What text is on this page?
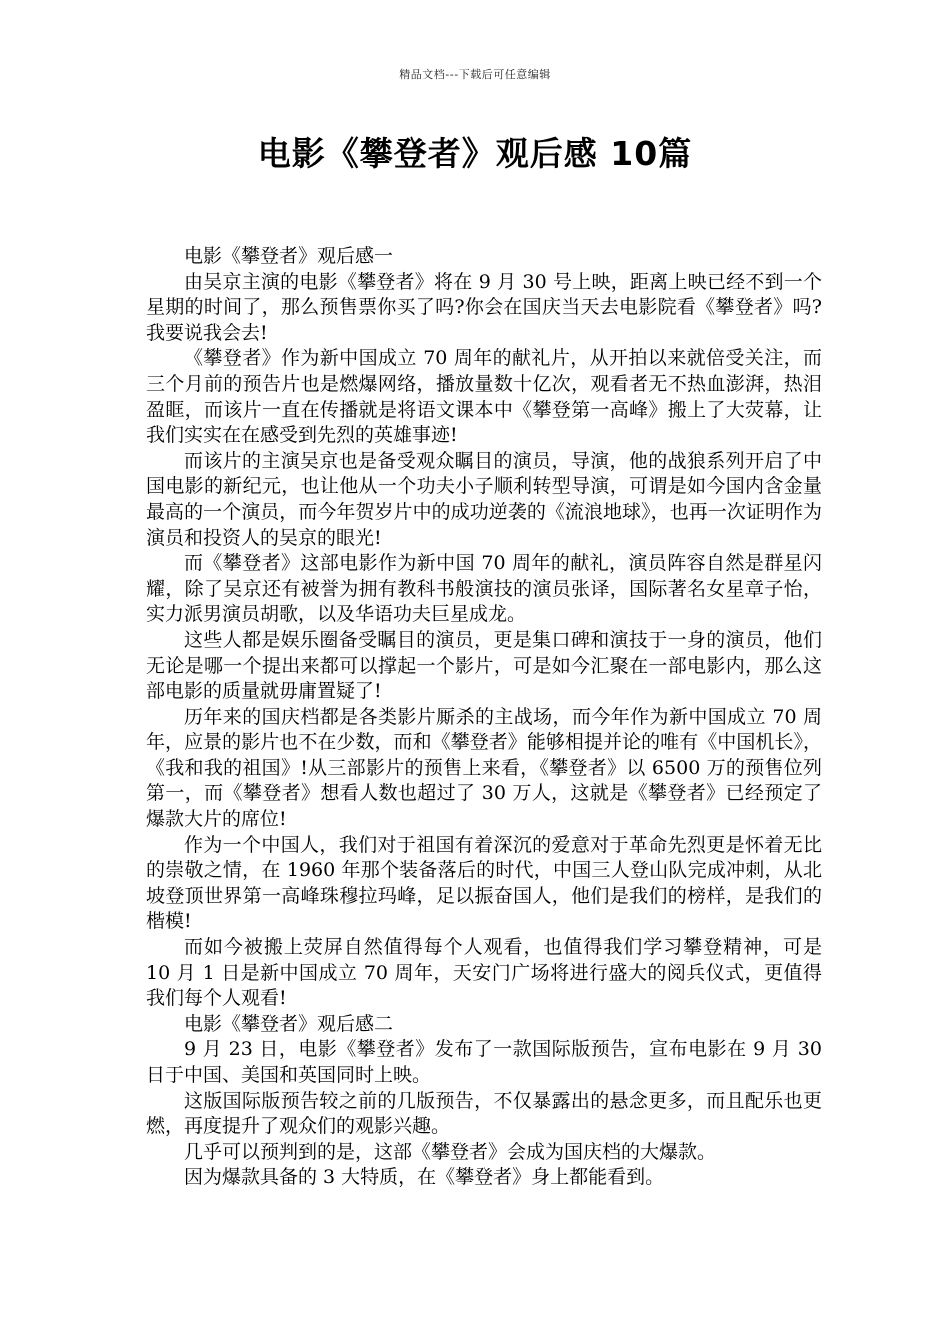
精品文档---下载后可任意编辑
电影《攀登者》观后感 10篇

电影《攀登者》观后感一

由吴京主演的电影《攀登者》将在 9 月 30 号上映，距离上映已经不到一个星期的时间了，那么预售票你买了吗?你会在国庆当天去电影院看《攀登者》吗?我要说我会去!

《攀登者》作为新中国成立 70 周年的献礼片，从开拍以来就倍受关注，而三个月前的预告片也是燃爆网络，播放量数十亿次，观看者无不热血澎湃，热泪盈眶，而该片一直在传播就是将语文课本中《攀登第一高峰》搬上了大荧幕，让我们实实在在感受到先烈的英雄事迹!

而该片的主演吴京也是备受观众瞩目的演员，导演，他的战狼系列开启了中国电影的新纪元，也让他从一个功夫小子顺利转型导演，可谓是如今国内含金量最高的一个演员，而今年贺岁片中的成功逆袭的《流浪地球》，也再一次证明作为演员和投资人的吴京的眼光!

而《攀登者》这部电影作为新中国 70 周年的献礼，演员阵容自然是群星闪耀，除了吴京还有被誉为拥有教科书般演技的演员张译，国际著名女星章子怡，实力派男演员胡歌，以及华语功夫巨星成龙。

这些人都是娱乐圈备受瞩目的演员，更是集口碑和演技于一身的演员，他们无论是哪一个提出来都可以撑起一个影片，可是如今汇聚在一部电影内，那么这部电影的质量就毋庸置疑了!

历年来的国庆档都是各类影片厮杀的主战场，而今年作为新中国成立 70 周年，应景的影片也不在少数，而和《攀登者》能够相提并论的唯有《中国机长》，《我和我的祖国》!从三部影片的预售上来看，《攀登者》以 6500 万的预售位列第一，而《攀登者》想看人数也超过了 30 万人，这就是《攀登者》已经预定了爆款大片的席位!

作为一个中国人，我们对于祖国有着深沉的爱意对于革命先烈更是怀着无比的崇敬之情，在 1960 年那个装备落后的时代，中国三人登山队完成冲刺，从北坡登顶世界第一高峰珠穆拉玛峰，足以振奋国人，他们是我们的榜样，是我们的楷模!

而如今被搬上荧屏自然值得每个人观看，也值得我们学习攀登精神，可是 10 月 1 日是新中国成立 70 周年，天安门广场将进行盛大的阅兵仪式，更值得我们每个人观看!

电影《攀登者》观后感二

9 月 23 日，电影《攀登者》发布了一款国际版预告，宣布电影在 9 月 30 日于中国、美国和英国同时上映。

这版国际版预告较之前的几版预告，不仅暴露出的悬念更多，而且配乐也更燃，再度提升了观众们的观影兴趣。

几乎可以预判到的是，这部《攀登者》会成为国庆档的大爆款。

因为爆款具备的 3 大特质，在《攀登者》身上都能看到。
